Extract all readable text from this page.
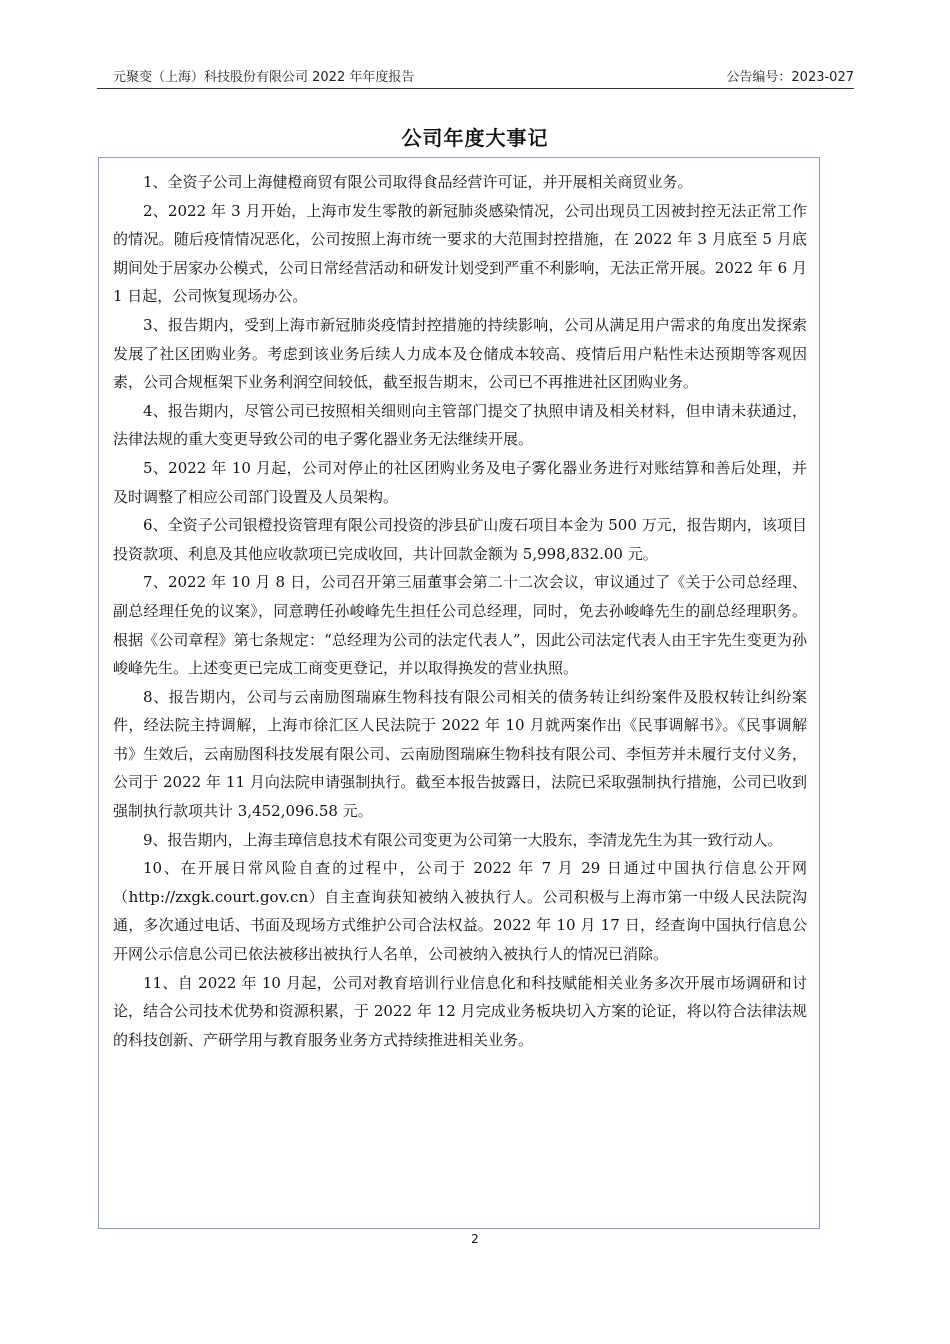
元聚变（上海）科技股份有限公司 2022 年年度报告	公告编号：2023-027
公司年度大事记

1、全资子公司上海健橙商贸有限公司取得食品经营许可证，并开展相关商贸业务。

2、2022 年 3 月开始，上海市发生零散的新冠肺炎感染情况，公司出现员工因被封控无法正常工作的情况。随后疫情情况恶化，公司按照上海市统一要求的大范围封控措施，在 2022 年 3 月底至 5 月底期间处于居家办公模式，公司日常经营活动和研发计划受到严重不利影响，无法正常开展。2022 年 6 月 1 日起，公司恢复现场办公。

3、报告期内，受到上海市新冠肺炎疫情封控措施的持续影响，公司从满足用户需求的角度出发探索发展了社区团购业务。考虑到该业务后续人力成本及仓储成本较高、疫情后用户粘性未达预期等客观因素，公司合规框架下业务利润空间较低，截至报告期末，公司已不再推进社区团购业务。

4、报告期内，尽管公司已按照相关细则向主管部门提交了执照申请及相关材料，但申请未获通过，法律法规的重大变更导致公司的电子雾化器业务无法继续开展。

5、2022 年 10 月起，公司对停止的社区团购业务及电子雾化器业务进行对账结算和善后处理，并及时调整了相应公司部门设置及人员架构。

6、全资子公司银橙投资管理有限公司投资的涉县矿山废石项目本金为 500 万元，报告期内，该项目投资款项、利息及其他应收款项已完成收回，共计回款金额为 5,998,832.00 元。

7、2022 年 10 月 8 日，公司召开第三届董事会第二十二次会议，审议通过了《关于公司总经理、副总经理任免的议案》，同意聘任孙峻峰先生担任公司总经理，同时，免去孙峻峰先生的副总经理职务。根据《公司章程》第七条规定：“总经理为公司的法定代表人”，因此公司法定代表人由王宇先生变更为孙峻峰先生。上述变更已完成工商变更登记，并以取得换发的营业执照。

8、报告期内，公司与云南励图瑞麻生物科技有限公司相关的债务转让纠纷案件及股权转让纠纷案件，经法院主持调解，上海市徐汇区人民法院于 2022 年 10 月就两案作出《民事调解书》。《民事调解书》生效后，云南励图科技发展有限公司、云南励图瑞麻生物科技有限公司、李恒芳并未履行支付义务，公司于 2022 年 11 月向法院申请强制执行。截至本报告披露日，法院已采取强制执行措施，公司已收到强制执行款项共计 3,452,096.58 元。

9、报告期内，上海圭璋信息技术有限公司变更为公司第一大股东，李清龙先生为其一致行动人。

10、在开展日常风险自查的过程中，公司于 2022 年 7 月 29 日通过中国执行信息公开网（http://zxgk.court.gov.cn）自主查询获知被纳入被执行人。公司积极与上海市第一中级人民法院沟通，多次通过电话、书面及现场方式维护公司合法权益。2022 年 10 月 17 日，经查询中国执行信息公开网公示信息公司已依法被移出被执行人名单，公司被纳入被执行人的情况已消除。

11、自 2022 年 10 月起，公司对教育培训行业信息化和科技赋能相关业务多次开展市场调研和讨论，结合公司技术优势和资源积累，于 2022 年 12 月完成业务板块切入方案的论证，将以符合法律法规的科技创新、产研学用与教育服务业务方式持续推进相关业务。

2
